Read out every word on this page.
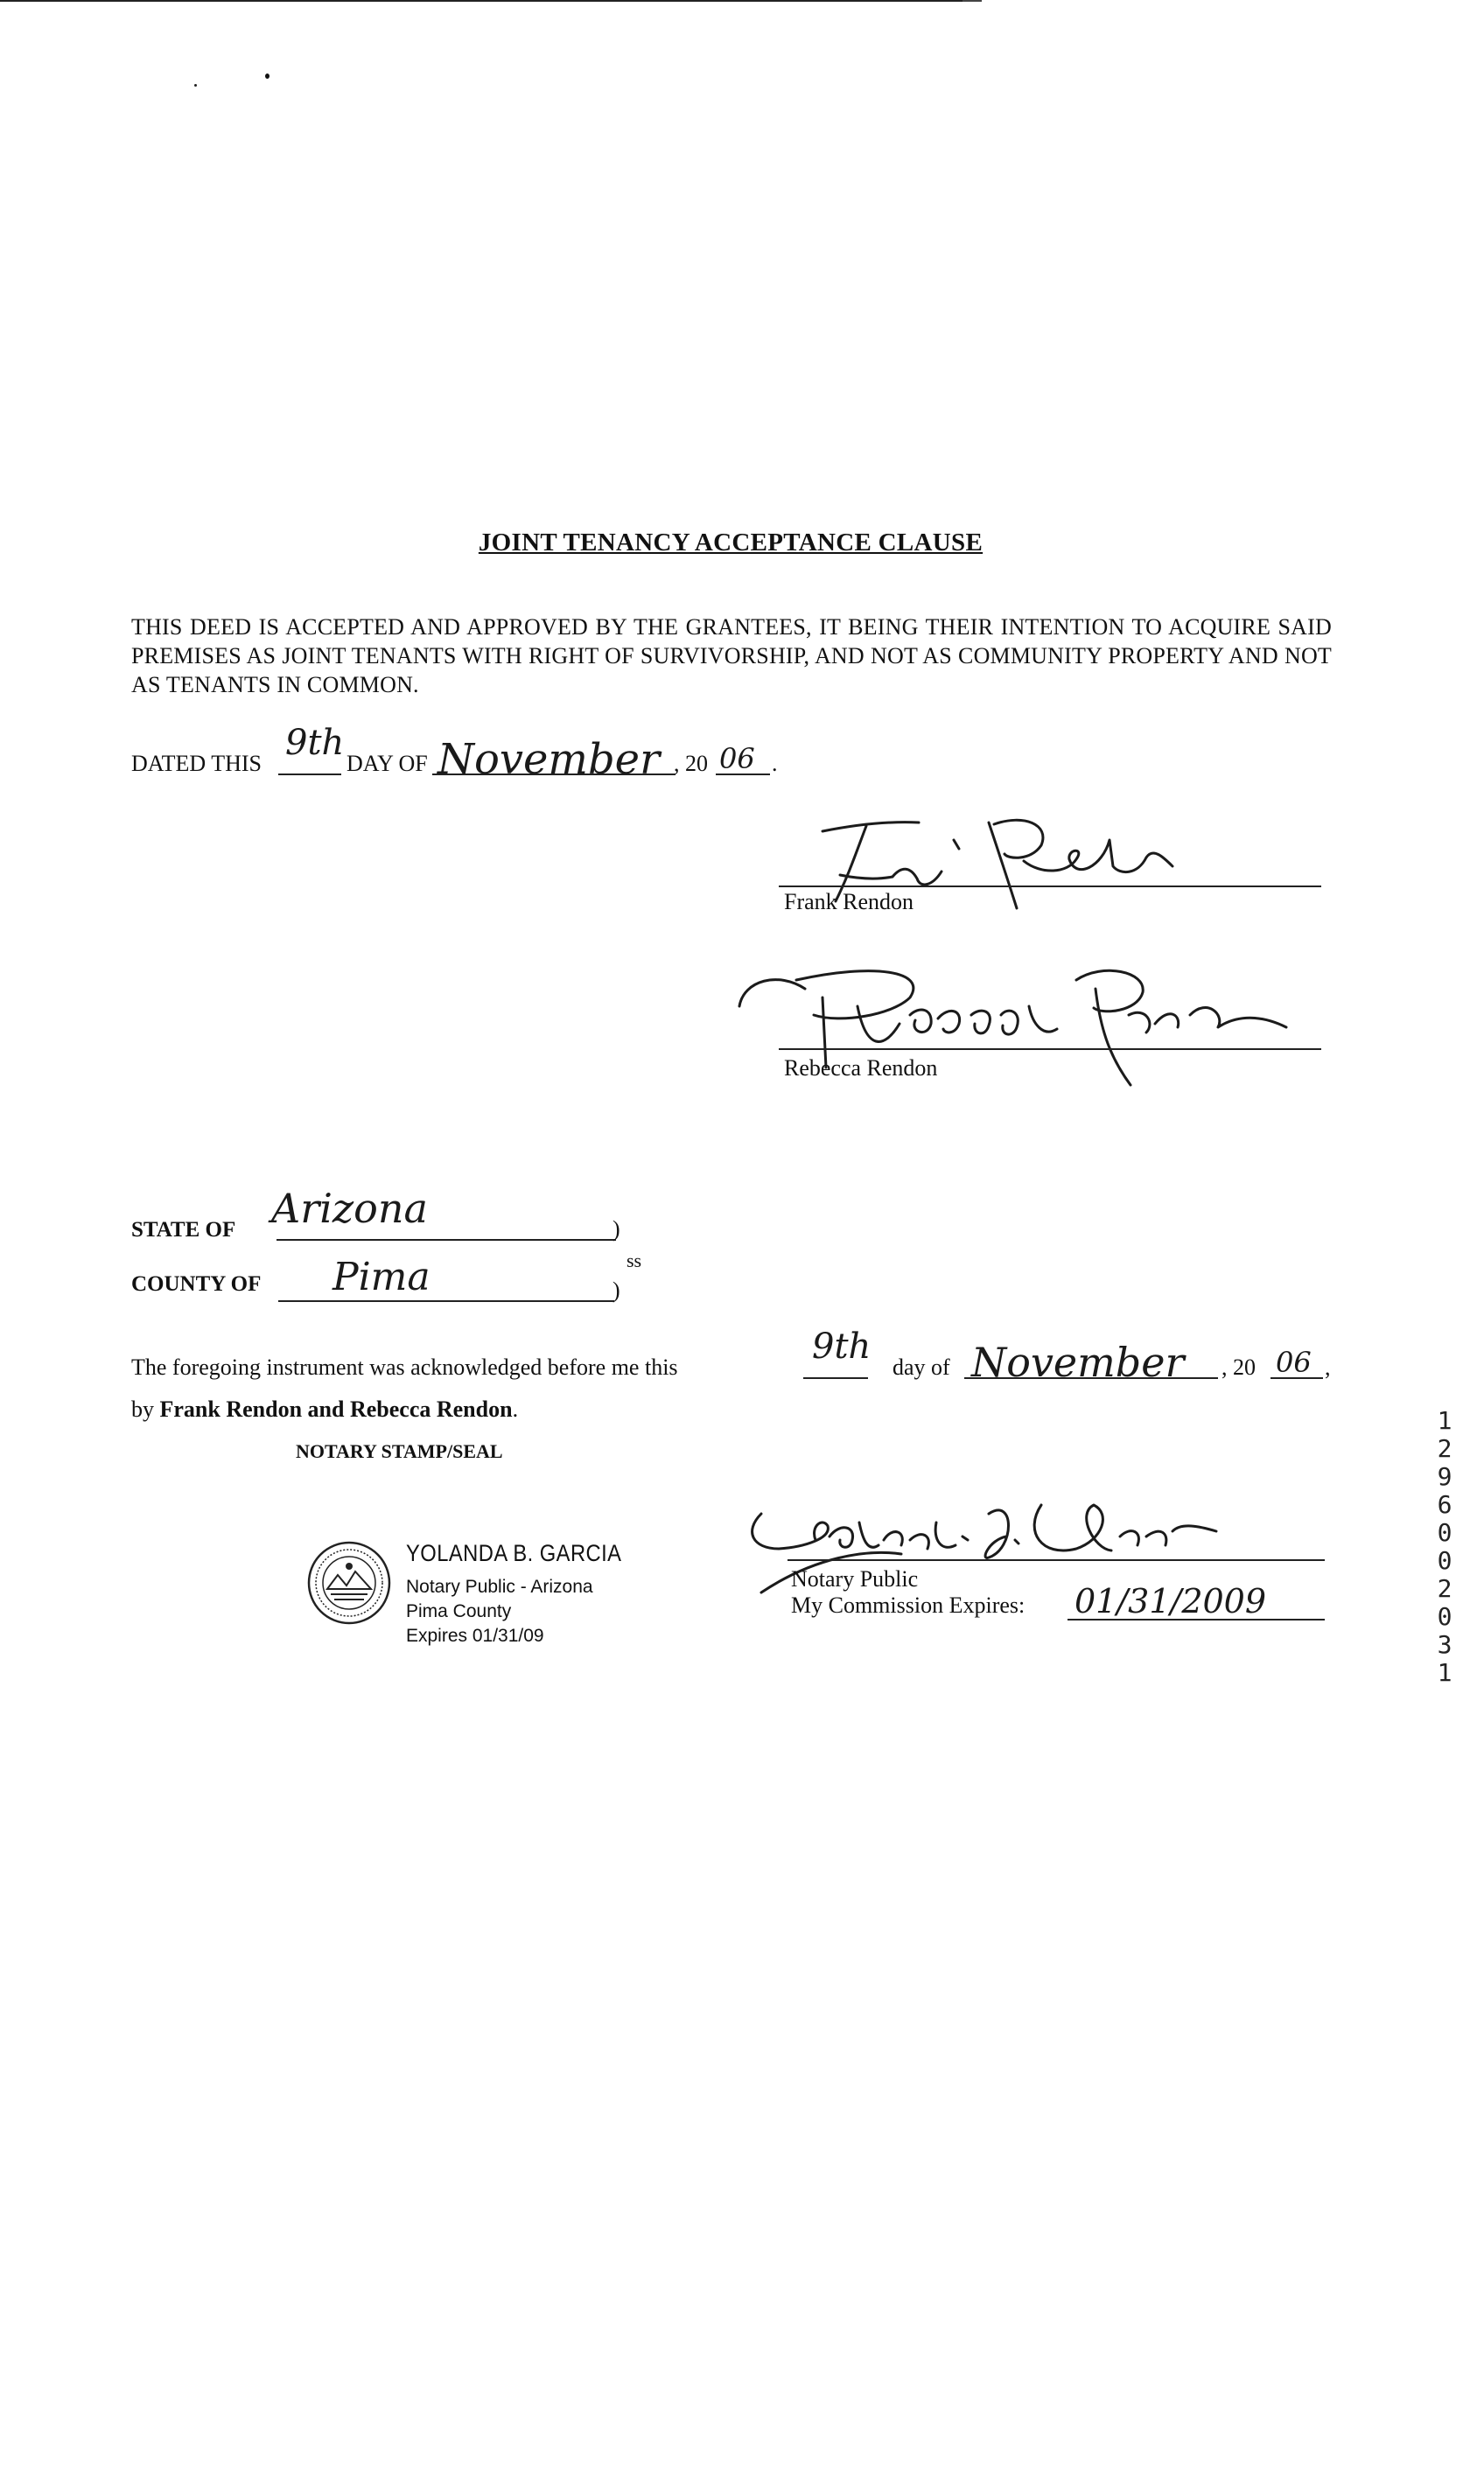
JOINT TENANCY ACCEPTANCE CLAUSE
THIS DEED IS ACCEPTED AND APPROVED BY THE GRANTEES, IT BEING THEIR INTENTION TO ACQUIRE SAID PREMISES AS JOINT TENANTS WITH RIGHT OF SURVIVORSHIP, AND NOT AS COMMUNITY PROPERTY AND NOT AS TENANTS IN COMMON.
DATED THIS
9th
DAY OF November , 20 06 .
Frank Rendon
Rebecca Rendon
STATE OF Arizona	)
ss
COUNTY OF Pima	)
The foregoing instrument was acknowledged before me this
9th
day of November , 20 06 ,
by Frank Rendon and Rebecca Rendon.
NOTARY STAMP/SEAL
YOLANDA B. GARCIA
Notary Public - Arizona
Pima County
Expires 01/31/09
Notary Public
My Commission Expires: 01/31/2009
12960 02031
